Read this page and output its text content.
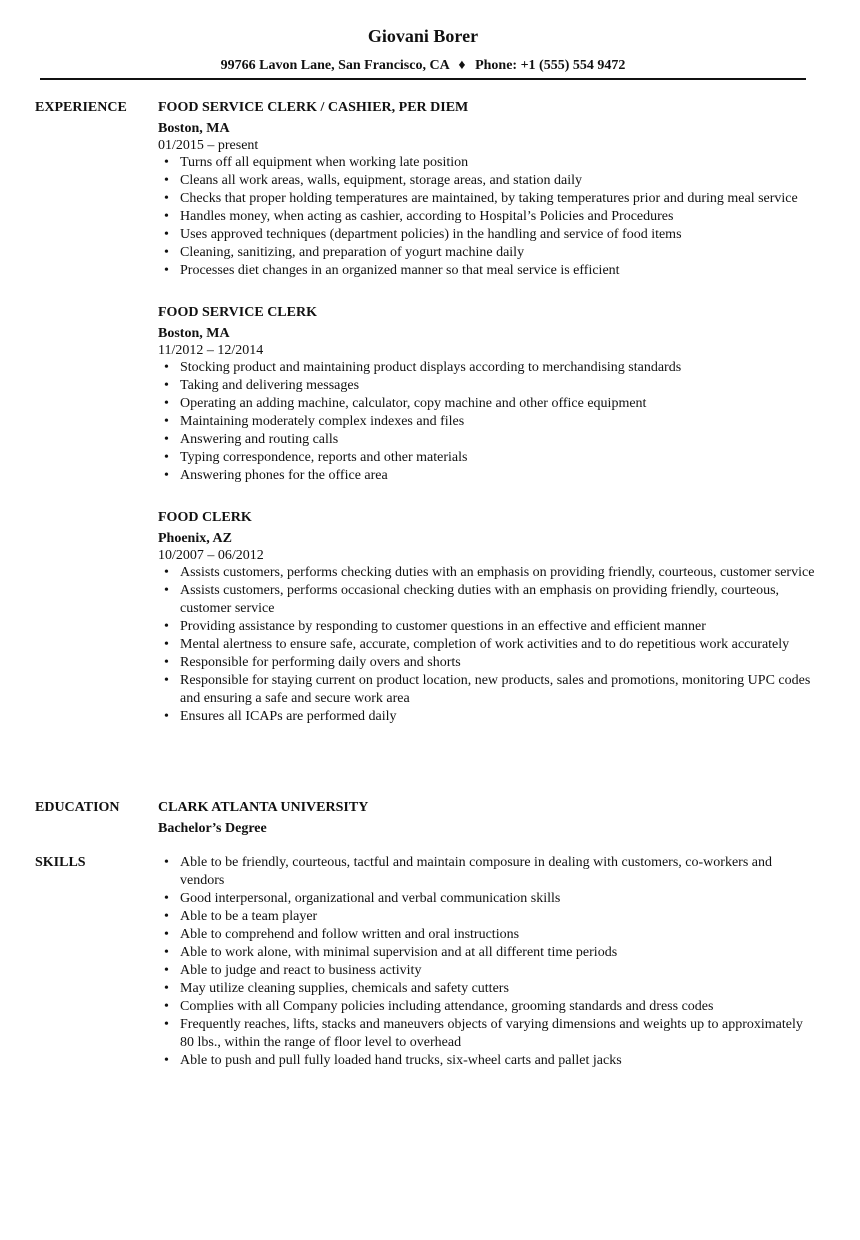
Giovani Borer
99766 Lavon Lane, San Francisco, CA ♦ Phone: +1 (555) 554 9472
EXPERIENCE FOOD SERVICE CLERK / CASHIER, PER DIEM
Boston, MA
01/2015 – present
• Turns off all equipment when working late position
• Cleans all work areas, walls, equipment, storage areas, and station daily
• Checks that proper holding temperatures are maintained, by taking temperatures prior and during meal service
• Handles money, when acting as cashier, according to Hospital’s Policies and Procedures
• Uses approved techniques (department policies) in the handling and service of food items
• Cleaning, sanitizing, and preparation of yogurt machine daily
• Processes diet changes in an organized manner so that meal service is efficient
FOOD SERVICE CLERK
Boston, MA
11/2012 – 12/2014
• Stocking product and maintaining product displays according to merchandising standards
• Taking and delivering messages
• Operating an adding machine, calculator, copy machine and other office equipment
• Maintaining moderately complex indexes and files
• Answering and routing calls
• Typing correspondence, reports and other materials
• Answering phones for the office area
FOOD CLERK
Phoenix, AZ
10/2007 – 06/2012
• Assists customers, performs checking duties with an emphasis on providing friendly, courteous, customer service
• Assists customers, performs occasional checking duties with an emphasis on providing friendly, courteous, customer service
• Providing assistance by responding to customer questions in an effective and efficient manner
• Mental alertness to ensure safe, accurate, completion of work activities and to do repetitious work accurately
• Responsible for performing daily overs and shorts
• Responsible for staying current on product location, new products, sales and promotions, monitoring UPC codes and ensuring a safe and secure work area
• Ensures all ICAPs are performed daily
EDUCATION	CLARK ATLANTA UNIVERSITY
Bachelor’s Degree
SKILLS
•	Able to be friendly, courteous, tactful and maintain composure in dealing with customers, co-workers and vendors
• Good interpersonal, organizational and verbal communication skills
• Able to be a team player
• Able to comprehend and follow written and oral instructions
• Able to work alone, with minimal supervision and at all different time periods
• Able to judge and react to business activity
• May utilize cleaning supplies, chemicals and safety cutters
• Complies with all Company policies including attendance, grooming standards and dress codes
• Frequently reaches, lifts, stacks and maneuvers objects of varying dimensions and weights up to approximately 80 lbs., within the range of floor level to overhead
• Able to push and pull fully loaded hand trucks, six-wheel carts and pallet jacks
